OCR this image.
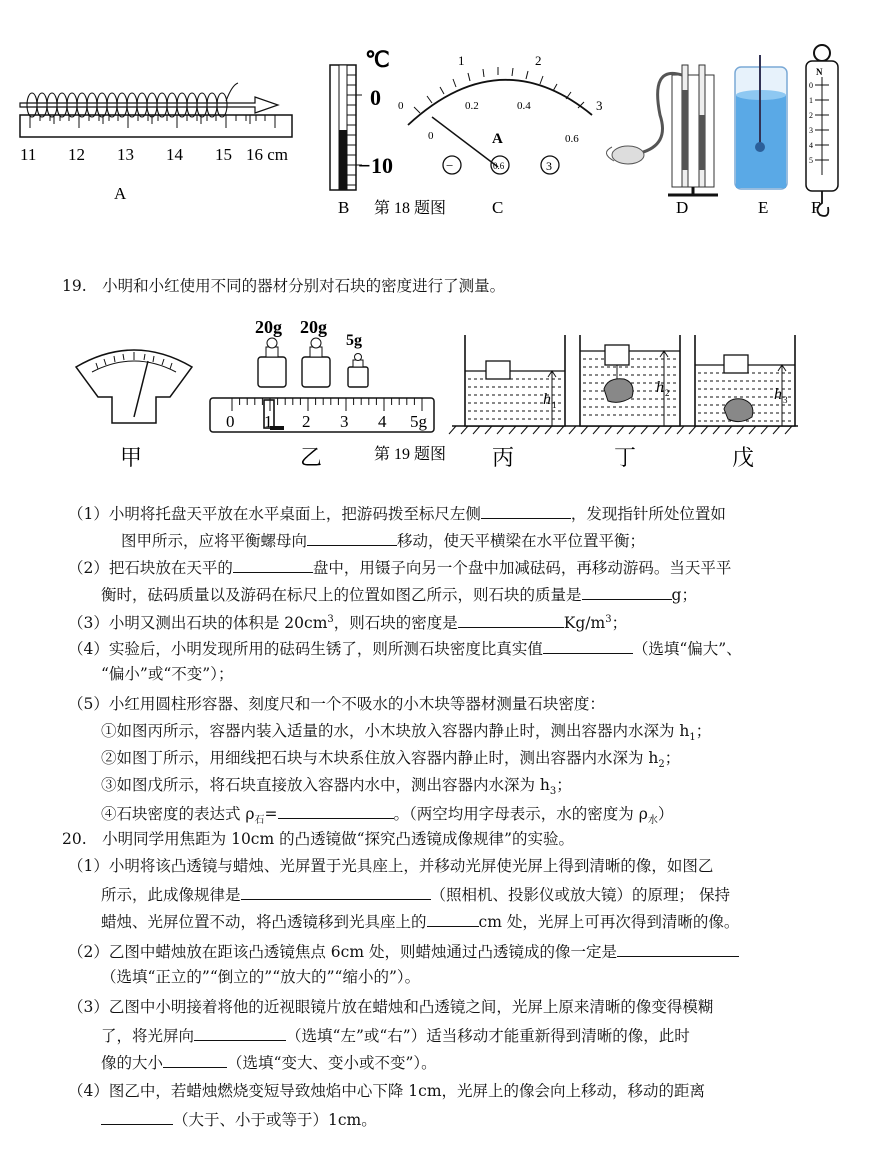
11 12 13 14 15 16 cm
℃
0
− 10
0
1	2
3
0
0.2	0.4
0.6
A
−	0.6	3
N
0
1
2
3
4
5
A
B 第 18 题图	C	D	E	F
19.　小明和小红使用不同的器材分别对石块的密度进行了测量。
20g 20g
5g
0 1 2 3 4 5g
h 1
h 2	h 3
甲	乙	第 19 题图 丙	丁	戊
（1）小明将托盘天平放在水平桌面上，把游码拨至标尺左侧	，发现指针所处位置如
图甲所示，应将平衡螺母向	移动，使天平横梁在水平位置平衡；
（2）把石块放在天平的	盘中，用镊子向另一个盘中加减砝码，再移动游码。当天平平
衡时，砝码质量以及游码在标尺上的位置如图乙所示，则石块的质量是	g；
（3）小明又测出石块的体积是 $20cm^3$，则石块的密度是	$Kg/m^3$；
（4）实验后，小明发现所用的砝码生锈了，则所测石块密度比真实值	（选填“偏大”、
“偏小”或“不变”）；
（5）小红用圆柱形容器、刻度尺和一个不吸水的小木块等器材测量石块密度：
①如图丙所示，容器内装入适量的水，小木块放入容器内静止时，测出容器内水深为 $h_1$；
②如图丁所示，用细线把石块与木块系住放入容器内静止时，测出容器内水深为 $h_2$；
③如图戊所示，将石块直接放入容器内水中，测出容器内水深为 $h_3$；
④石块密度的表达式 $\rho_石=$	。（两空均用字母表示，水的密度为 $\rho_水$）
20.　小明同学用焦距为 10cm 的凸透镜做“探究凸透镜成像规律”的实验。
（1）小明将该凸透镜与蜡烛、光屏置于光具座上，并移动光屏使光屏上得到清晰的像，如图乙
所示，此成像规律是	（照相机、投影仪或放大镜）的原理； 保持
蜡烛、光屏位置不动，将凸透镜移到光具座上的	cm 处，光屏上可再次得到清晰的像。
（2）乙图中蜡烛放在距该凸透镜焦点 6cm 处，则蜡烛通过凸透镜成的像一定是
（选填“正立的”“倒立的”“放大的”“缩小的”）。
（3）乙图中小明接着将他的近视眼镜片放在蜡烛和凸透镜之间，光屏上原来清晰的像变得模糊
了，将光屏向	（选填“左”或“右”）适当移动才能重新得到清晰的像，此时
像的大小	（选填“变大、变小或不变”）。
（4）图乙中，若蜡烛燃烧变短导致烛焰中心下降 1cm，光屏上的像会向上移动，移动的距离
（大于、小于或等于）1cm。
